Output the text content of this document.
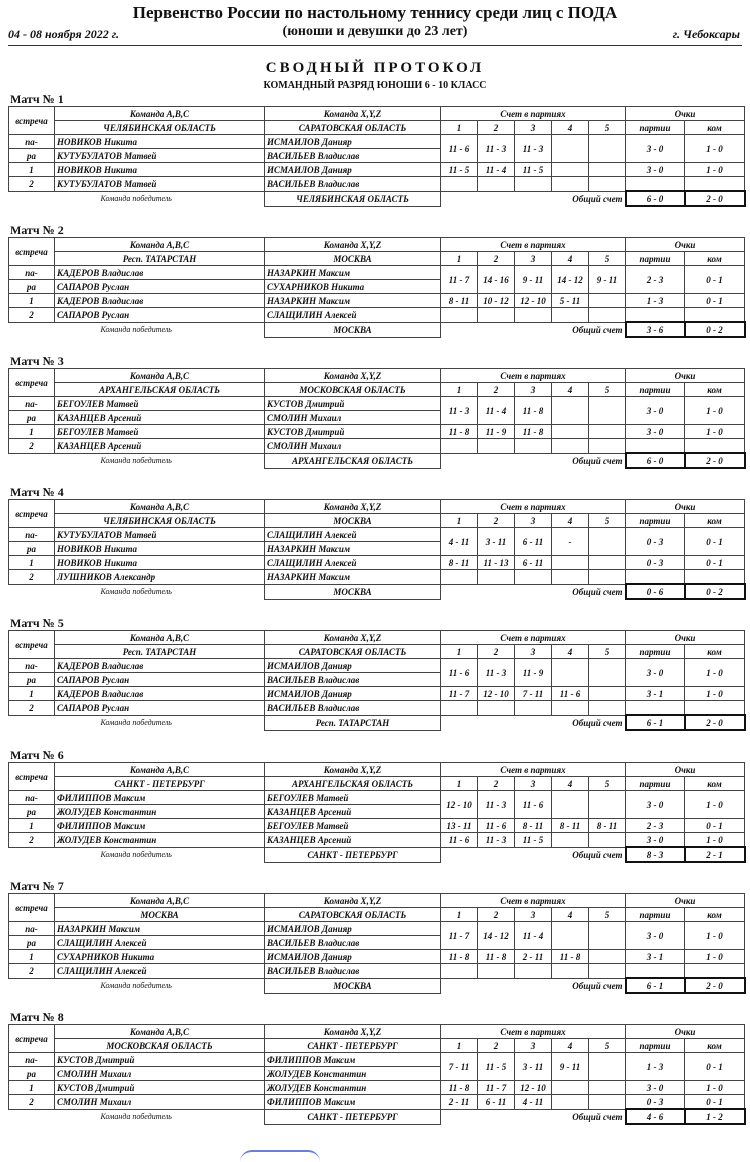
Первенство России по настольному теннису среди лиц с ПОДА
04 - 08 ноября 2022 г.	(юноши и девушки до 23 лет)	г. Чебоксары
СВОДНЫЙ ПРОТОКОЛ
КОМАНДНЫЙ РАЗРЯД ЮНОШИ 6 - 10 КЛАСС
Матч № 1
встреча	Команда А,В,С	Команда X,Y,Z	Счет в партиях					Очки	
	ЧЕЛЯБИНСКАЯ ОБЛАСТЬ	САРАТОВСКАЯ ОБЛАСТЬ	1	2	3	4	5	партии	ком
па-	НОВИКОВ Никита	ИСМАИЛОВ Данияр	11 - 6	11 - 3	11 - 3			3 - 0	1 - 0
ра	КУТУБУЛАТОВ Матвей	ВАСИЛЬЕВ Владислав							
1	НОВИКОВ Никита	ИСМАИЛОВ Данияр	11 - 5	11 - 4	11 - 5			3 - 0	1 - 0
2	КУТУБУЛАТОВ Матвей	ВАСИЛЬЕВ Владислав							
Команда победитель		ЧЕЛЯБИНСКАЯ ОБЛАСТЬ	Общий счет					6 - 0	2 - 0
Матч № 2
встреча	Команда А,В,С	Команда X,Y,Z	Счет в партиях					Очки	
	Респ. ТАТАРСТАН	МОСКВА	1	2	3	4	5	партии	ком
па-	КАДЕРОВ Владислав	НАЗАРКИН Максим	11 - 7	14 - 16	9 - 11	14 - 12	9 - 11	2 - 3	0 - 1
ра	САПАРОВ Руслан	СУХАРНИКОВ Никита							
1	КАДЕРОВ Владислав	НАЗАРКИН Максим	8 - 11	10 - 12	12 - 10	5 - 11		1 - 3	0 - 1
2	САПАРОВ Руслан	СЛАЩИЛИН Алексей							
Команда победитель		МОСКВА	Общий счет					3 - 6	0 - 2
Матч № 3
встреча	Команда А,В,С	Команда X,Y,Z	Счет в партиях					Очки	
	АРХАНГЕЛЬСКАЯ ОБЛАСТЬ	МОСКОВСКАЯ ОБЛАСТЬ	1	2	3	4	5	партии	ком
па-	БЕГОУЛЕВ Матвей	КУСТОВ Дмитрий	11 - 3	11 - 4	11 - 8			3 - 0	1 - 0
ра	КАЗАНЦЕВ Арсений	СМОЛИН Михаил							
1	БЕГОУЛЕВ Матвей	КУСТОВ Дмитрий	11 - 8	11 - 9	11 - 8			3 - 0	1 - 0
2	КАЗАНЦЕВ Арсений	СМОЛИН Михаил							
Команда победитель		АРХАНГЕЛЬСКАЯ ОБЛАСТЬ	Общий счет					6 - 0	2 - 0
Матч № 4
встреча	Команда А,В,С	Команда X,Y,Z	Счет в партиях					Очки	
	ЧЕЛЯБИНСКАЯ ОБЛАСТЬ	МОСКВА	1	2	3	4	5	партии	ком
па-	КУТУБУЛАТОВ Матвей	СЛАЩИЛИН Алексей	4 - 11	3 - 11	6 - 11	-		0 - 3	0 - 1
ра	НОВИКОВ Никита	НАЗАРКИН Максим							
1	НОВИКОВ Никита	СЛАЩИЛИН Алексей	8 - 11	11 - 13	6 - 11			0 - 3	0 - 1
2	ЛУШНИКОВ Александр	НАЗАРКИН Максим							
Команда победитель		МОСКВА	Общий счет					0 - 6	0 - 2
Матч № 5
встреча	Команда А,В,С	Команда X,Y,Z	Счет в партиях					Очки	
	Респ. ТАТАРСТАН	САРАТОВСКАЯ ОБЛАСТЬ	1	2	3	4	5	партии	ком
па-	КАДЕРОВ Владислав	ИСМАИЛОВ Данияр	11 - 6	11 - 3	11 - 9			3 - 0	1 - 0
ра	САПАРОВ Руслан	ВАСИЛЬЕВ Владислав							
1	КАДЕРОВ Владислав	ИСМАИЛОВ Данияр	11 - 7	12 - 10	7 - 11	11 - 6		3 - 1	1 - 0
2	САПАРОВ Руслан	ВАСИЛЬЕВ Владислав							
Команда победитель		Респ. ТАТАРСТАН	Общий счет					6 - 1	2 - 0
Матч № 6
встреча	Команда А,В,С	Команда X,Y,Z	Счет в партиях					Очки	
	САНКТ - ПЕТЕРБУРГ	АРХАНГЕЛЬСКАЯ ОБЛАСТЬ	1	2	3	4	5	партии	ком
па-	ФИЛИППОВ Максим	БЕГОУЛЕВ Матвей	12 - 10	11 - 3	11 - 6			3 - 0	1 - 0
ра	ЖОЛУДЕВ Константин	КАЗАНЦЕВ Арсений							
1	ФИЛИППОВ Максим	БЕГОУЛЕВ Матвей	13 - 11	11 - 6	8 - 11	8 - 11	8 - 11	2 - 3	0 - 1
2	ЖОЛУДЕВ Константин	КАЗАНЦЕВ Арсений	11 - 6	11 - 3	11 - 5			3 - 0	1 - 0
Команда победитель		САНКТ - ПЕТЕРБУРГ	Общий счет					8 - 3	2 - 1
Матч № 7
встреча	Команда А,В,С	Команда X,Y,Z	Счет в партиях					Очки	
	МОСКВА	САРАТОВСКАЯ ОБЛАСТЬ	1	2	3	4	5	партии	ком
па-	НАЗАРКИН Максим	ИСМАИЛОВ Данияр	11 - 7	14 - 12	11 - 4			3 - 0	1 - 0
ра	СЛАЩИЛИН Алексей	ВАСИЛЬЕВ Владислав							
1	СУХАРНИКОВ Никита	ИСМАИЛОВ Данияр	11 - 8	11 - 8	2 - 11	11 - 8		3 - 1	1 - 0
2	СЛАЩИЛИН Алексей	ВАСИЛЬЕВ Владислав							
Команда победитель		МОСКВА	Общий счет					6 - 1	2 - 0
Матч № 8
встреча	Команда А,В,С	Команда X,Y,Z	Счет в партиях					Очки	
	МОСКОВСКАЯ ОБЛАСТЬ	САНКТ - ПЕТЕРБУРГ	1	2	3	4	5	партии	ком
па-	КУСТОВ Дмитрий	ФИЛИППОВ Максим	7 - 11	11 - 5	3 - 11	9 - 11		1 - 3	0 - 1
ра	СМОЛИН Михаил	ЖОЛУДЕВ Константин							
1	КУСТОВ Дмитрий	ЖОЛУДЕВ Константин	11 - 8	11 - 7	12 - 10			3 - 0	1 - 0
2	СМОЛИН Михаил	ФИЛИППОВ Максим	2 - 11	6 - 11	4 - 11			0 - 3	0 - 1
Команда победитель		САНКТ - ПЕТЕРБУРГ	Общий счет					4 - 6	1 - 2
